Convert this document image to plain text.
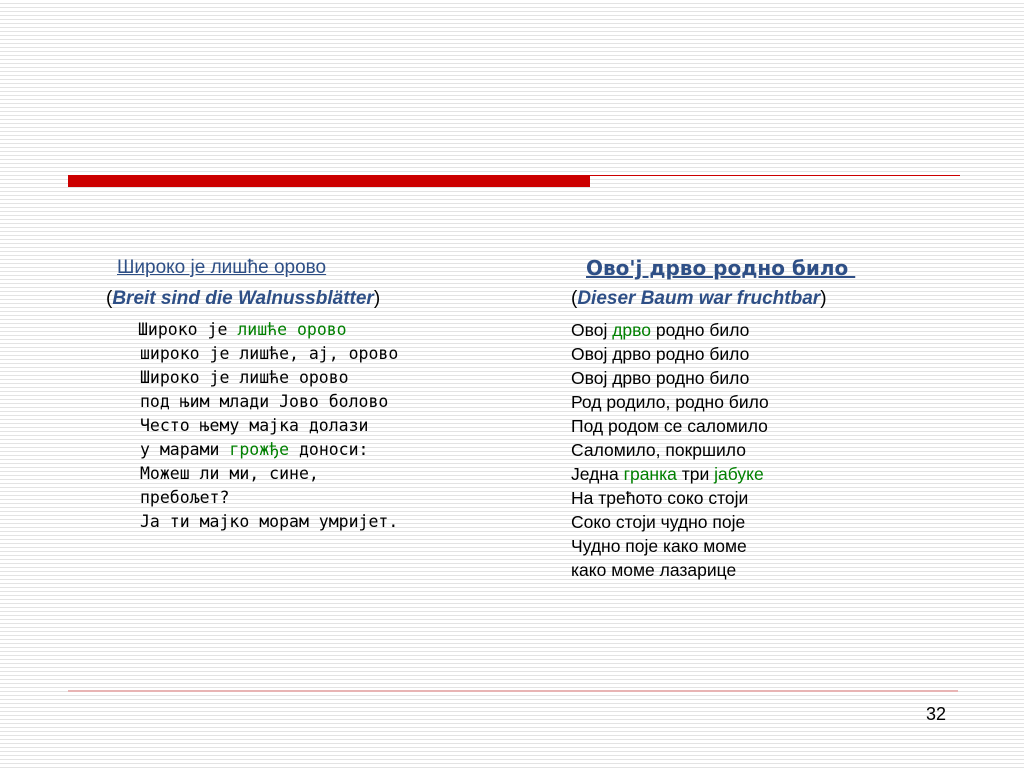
Широко је лишће орово
(Breit sind die Walnussblätter)
Широко је лишће орово
широко је лишће, ај, орово
Широко је лишће орово
под њим млади Јово болово
Често њему мајка долази
у марами грожђе доноси:
Можеш ли ми, сине,
пребољет?
Ја ти мајко морам умријет.
Ово'ј дрво родно било
(Dieser Baum war fruchtbar)
Овој дрво родно било
Овој дрво родно било
Овој дрво родно било
Род родило, родно било
Под родом се саломило
Саломило, покршило
Једна гранка три јабуке
На трећото соко стоји
Соко стоји чудно поје
Чудно поје како моме
како моме лазарице
32
